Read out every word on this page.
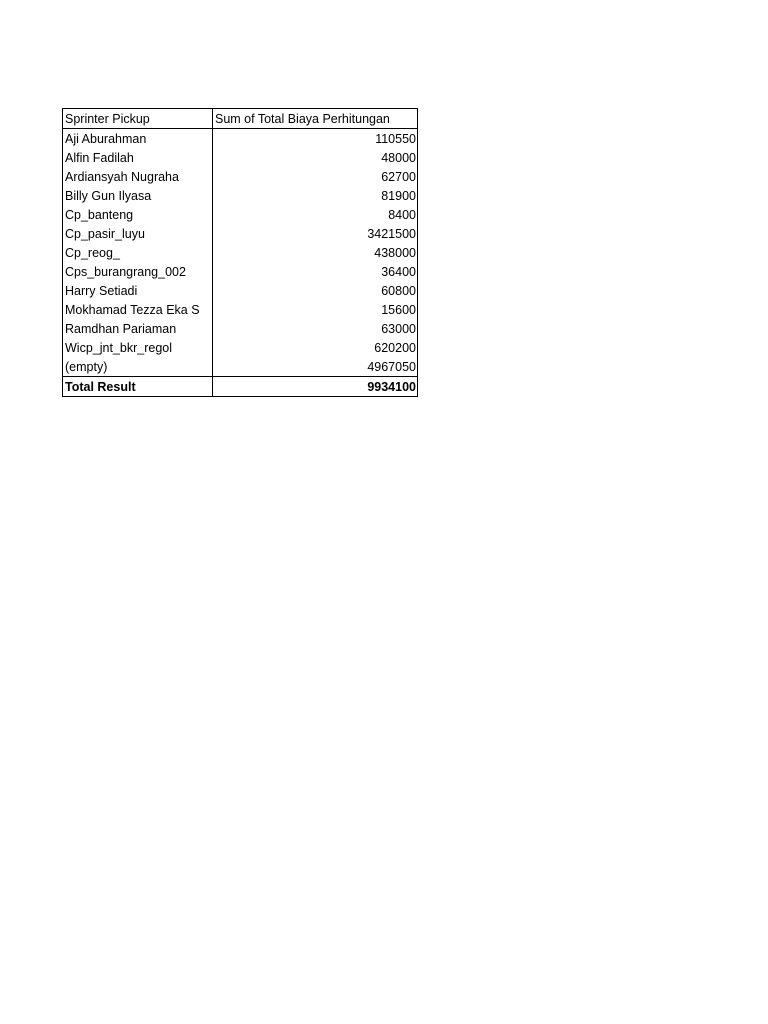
Sprinter Pickup	Sum of Total Biaya Perhitungan
Aji Aburahman	110550
Alfin Fadilah	48000
Ardiansyah Nugraha	62700
Billy Gun Ilyasa	81900
Cp_banteng	8400
Cp_pasir_luyu	3421500
Cp_reog_	438000
Cps_burangrang_002	36400
Harry Setiadi	60800
Mokhamad Tezza Eka S	15600
Ramdhan Pariaman	63000
Wicp_jnt_bkr_regol	620200
(empty)	4967050
Total Result	9934100
